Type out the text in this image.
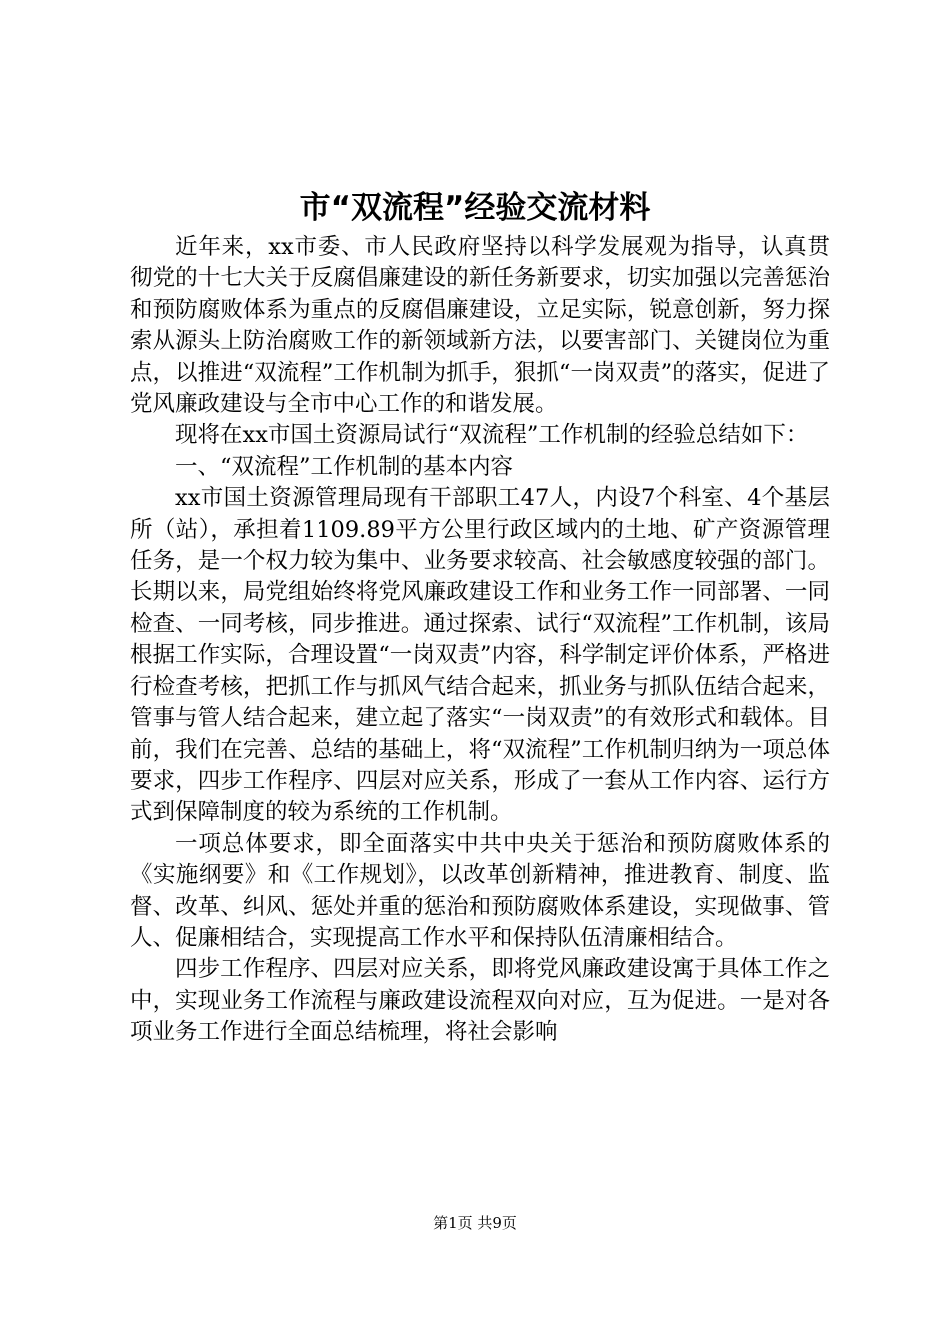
市“双流程”经验交流材料

近年来，xx市委、市人民政府坚持以科学发展观为指导，认真贯彻党的十七大关于反腐倡廉建设的新任务新要求，切实加强以完善惩治和预防腐败体系为重点的反腐倡廉建设，立足实际，锐意创新，努力探索从源头上防治腐败工作的新领域新方法，以要害部门、关键岗位为重点，以推进“双流程”工作机制为抓手，狠抓“一岗双责”的落实，促进了党风廉政建设与全市中心工作的和谐发展。

现将在xx市国土资源局试行“双流程”工作机制的经验总结如下：

一、“双流程”工作机制的基本内容

xx市国土资源管理局现有干部职工47人，内设7个科室、4个基层所（站），承担着1109.89平方公里行政区域内的土地、矿产资源管理任务，是一个权力较为集中、业务要求较高、社会敏感度较强的部门。长期以来，局党组始终将党风廉政建设工作和业务工作一同部署、一同检查、一同考核，同步推进。通过探索、试行“双流程”工作机制，该局根据工作实际，合理设置“一岗双责”内容，科学制定评价体系，严格进行检查考核，把抓工作与抓风气结合起来，抓业务与抓队伍结合起来，管事与管人结合起来，建立起了落实“一岗双责”的有效形式和载体。目前，我们在完善、总结的基础上，将“双流程”工作机制归纳为一项总体要求，四步工作程序、四层对应关系，形成了一套从工作内容、运行方式到保障制度的较为系统的工作机制。

一项总体要求，即全面落实中共中央关于惩治和预防腐败体系的《实施纲要》和《工作规划》，以改革创新精神，推进教育、制度、监督、改革、纠风、惩处并重的惩治和预防腐败体系建设，实现做事、管人、促廉相结合，实现提高工作水平和保持队伍清廉相结合。

四步工作程序、四层对应关系，即将党风廉政建设寓于具体工作之中，实现业务工作流程与廉政建设流程双向对应，互为促进。一是对各项业务工作进行全面总结梳理，将社会影响

第1页 共9页
